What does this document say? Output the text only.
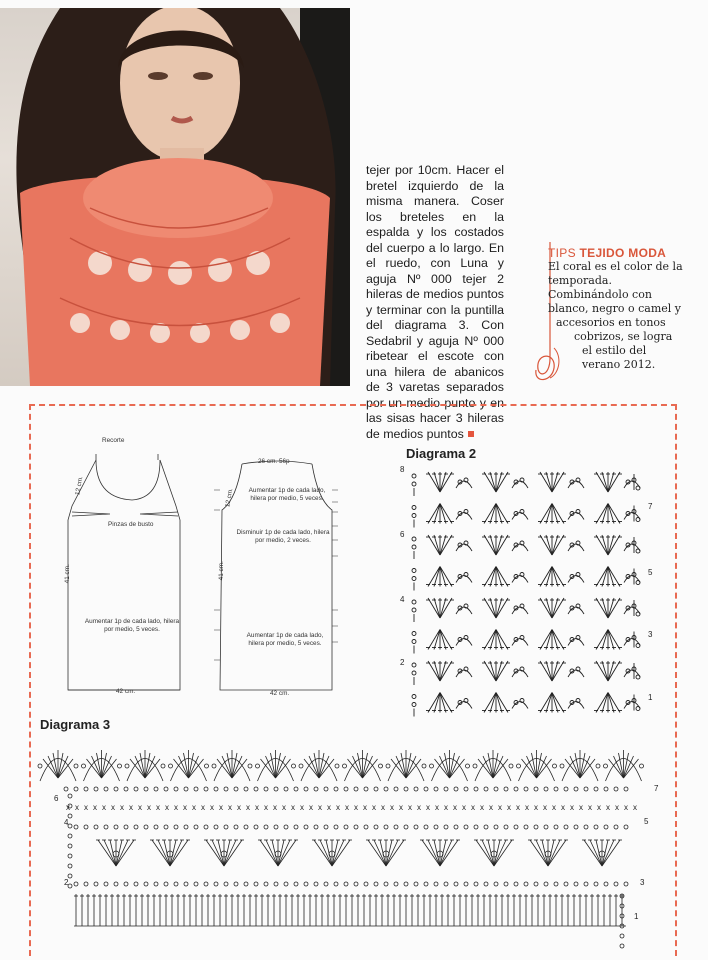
tejer por 10cm. Hacer el bretel izquierdo de la misma manera. Coser los breteles en la espalda y los costados del cuerpo a lo largo. En el ruedo, con Luna y aguja Nº 000 tejer 2 hileras de medios puntos y terminar con la puntilla del diagrama 3. Con Sedabril y aguja Nº 000 ribetear el escote con una hilera de abanicos de 3 varetas separados por un medio punto y en las sisas hacer 3 hileras de medios puntos
TIPS TEJIDO MODA
El coral es el color de la
temporada.
Combinándolo con
blanco, negro o camel y
accesorios en tonos
cobrizos, se logra
el estilo del
verano 2012.
Recorte
12 cm.
Pinzas de busto
41 cm.
Aumentar 1p de cada lado, hilera por medio, 5 veces.
42 cm.
26 cm. 56p
12 cm.	Aumentar 1p de cada lado, hilera por medio, 5 veces.
Disminuir 1p de cada lado, hilera por medio, 2 veces.
41 cm.
Aumentar 1p de cada lado, hilera por medio, 5 veces.
42 cm.
Diagrama 2
8
6
4
2
7
5
3
1
Diagrama 3
x x x x x x x x x x x x x x x x x x x x x x x x x x x x x x x x x x x x x x x x x x x x x x x x x x x x x x x x x x x x x x x x
6
4
2
7
5
3
1
